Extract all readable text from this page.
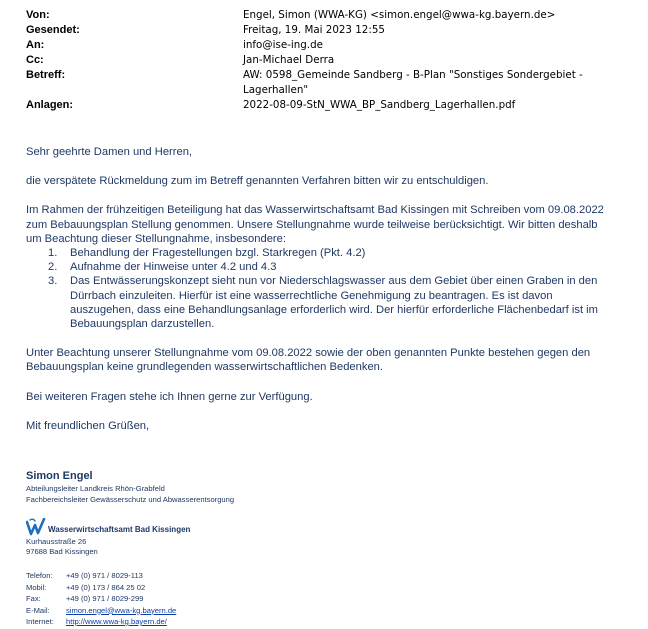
Von:	Engel, Simon (WWA-KG) <simon.engel@wwa-kg.bayern.de>
Gesendet:	Freitag, 19. Mai 2023 12:55
An:	info@ise-ing.de
Cc:	Jan-Michael Derra
Betreff:	AW: 0598_Gemeinde Sandberg - B-Plan "Sonstiges Sondergebiet -
Lagerhallen"
Anlagen:	2022-08-09-StN_WWA_BP_Sandberg_Lagerhallen.pdf

Sehr geehrte Damen und Herren,

die verspätete Rückmeldung zum im Betreff genannten Verfahren bitten wir zu entschuldigen.

Im Rahmen der frühzeitigen Beteiligung hat das Wasserwirtschaftsamt Bad Kissingen mit Schreiben vom 09.08.2022
zum Bebauungsplan Stellung genommen. Unsere Stellungnahme wurde teilweise berücksichtigt. Wir bitten deshalb
um Beachtung dieser Stellungnahme, insbesondere:

1. Behandlung der Fragestellungen bzgl. Starkregen (Pkt. 4.2)
2. Aufnahme der Hinweise unter 4.2 und 4.3
3. Das Entwässerungskonzept sieht nun vor Niederschlagswasser aus dem Gebiet über einen Graben in den
Dürrbach einzuleiten. Hierfür ist eine wasserrechtliche Genehmigung zu beantragen. Es ist davon
auszugehen, dass eine Behandlungsanlage erforderlich wird. Der hierfür erforderliche Flächenbedarf ist im
Bebauungsplan darzustellen.

Unter Beachtung unserer Stellungnahme vom 09.08.2022 sowie der oben genannten Punkte bestehen gegen den
Bebauungsplan keine grundlegenden wasserwirtschaftlichen Bedenken.

Bei weiteren Fragen stehe ich Ihnen gerne zur Verfügung.

Mit freundlichen Grüßen,

Simon Engel
Abteilungsleiter Landkreis Rhön-Grabfeld
Fachbereichsleiter Gewässerschutz und Abwasserentsorgung
Wasserwirtschaftsamt Bad Kissingen
Kurhausstraße 26
97688 Bad Kissingen
Telefon:	+49 (0) 971 / 8029-113
Mobil:	+49 (0) 173 / 864 25 02
Fax:	+49 (0) 971 / 8029-299
E-Mail:	simon.engel@wwa-kg.bayern.de
Internet:	http://www.wwa-kg.bayern.de/
